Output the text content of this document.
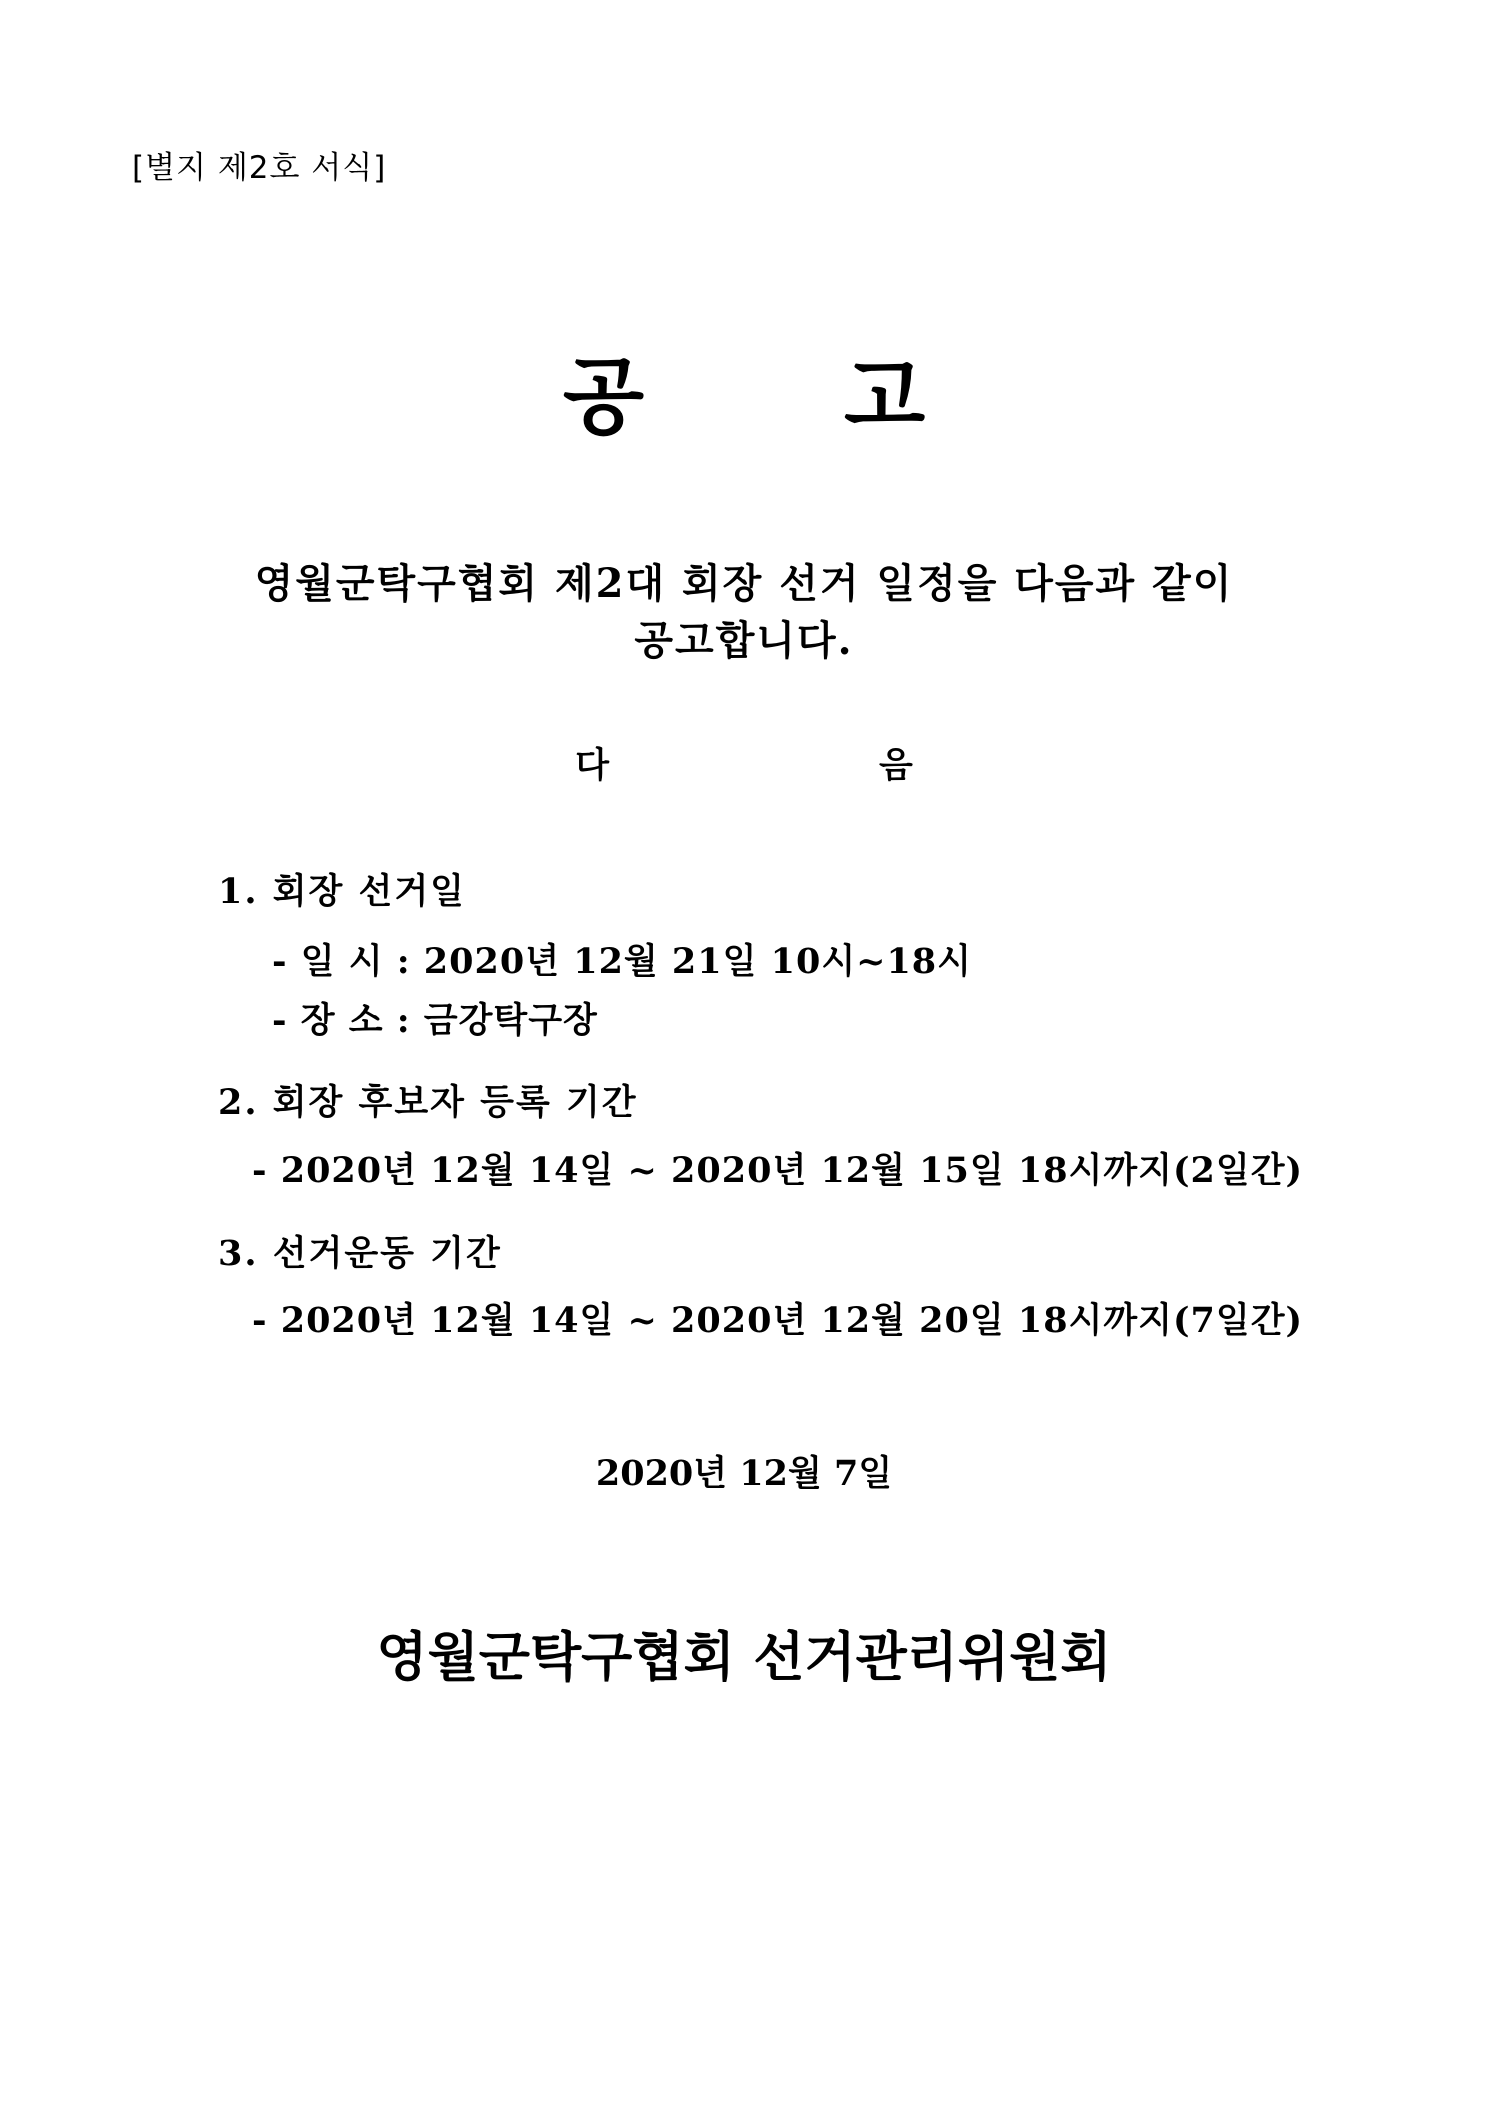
[별지 제2호 서식]
공 고
영월군탁구협회 제2대 회장 선거 일정을 다음과 같이
공고합니다.
다	음
1. 회장 선거일
- 일 시 : 2020년 12월 21일 10시~18시
- 장 소 : 금강탁구장
2. 회장 후보자 등록 기간
- 2020년 12월 14일 ~ 2020년 12월 15일 18시까지(2일간)
3. 선거운동 기간
- 2020년 12월 14일 ~ 2020년 12월 20일 18시까지(7일간)
2020년 12월 7일
영월군탁구협회 선거관리위원회
